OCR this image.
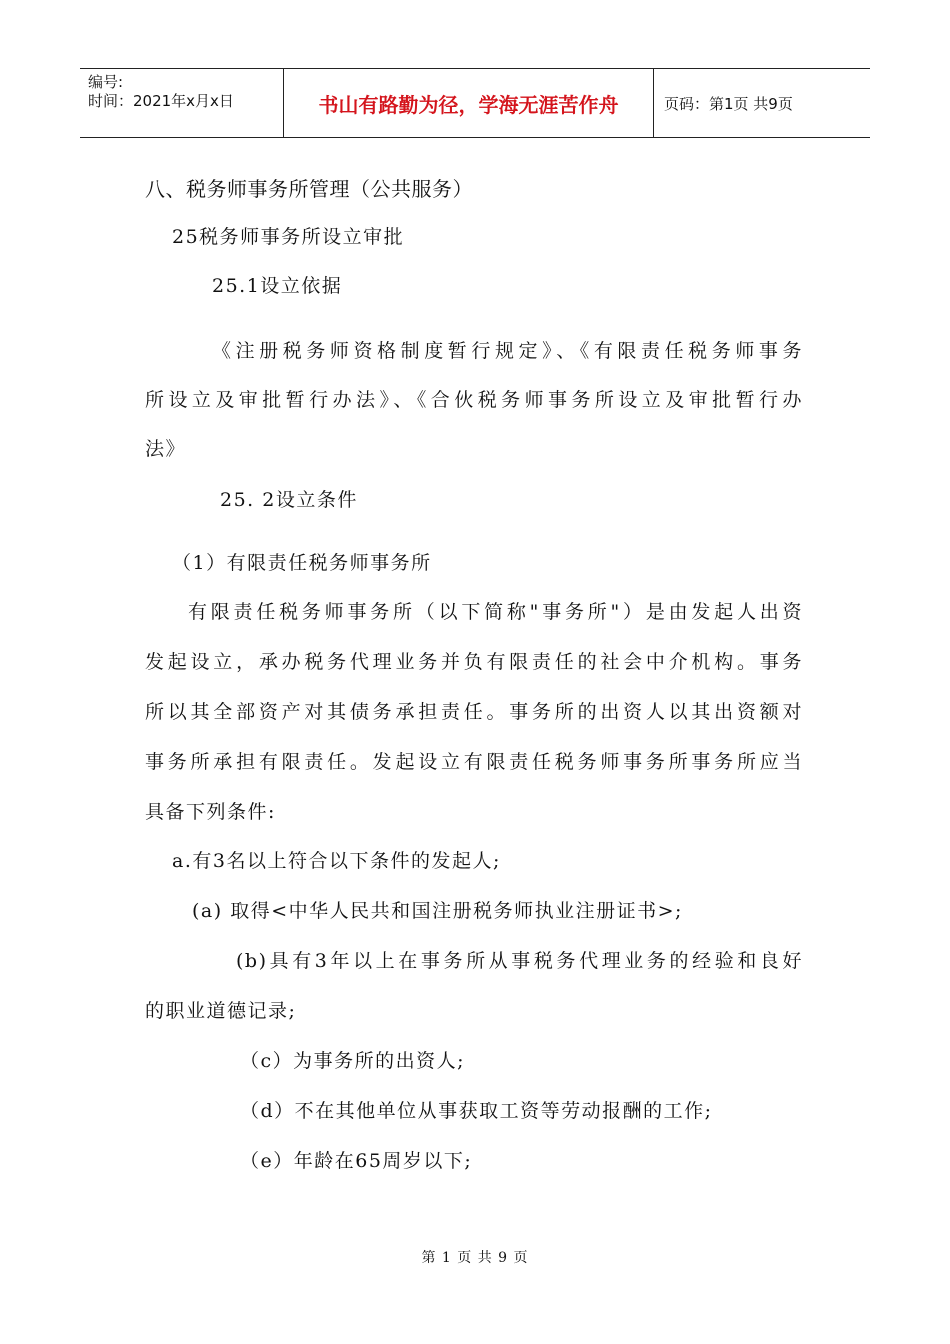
编号:
时间：2021年x月x日	书山有路勤为径，学海无涯苦作舟	页码：第1页 共9页
八、税务师事务所管理（公共服务）
25税务师事务所设立审批
25.1设立依据
《注册税务师资格制度暂行规定》、《有限责任税务师事务
所设立及审批暂行办法》、《合伙税务师事务所设立及审批暂行办
法》
25. 2设立条件
（1）有限责任税务师事务所
有限责任税务师事务所（以下简称"事务所"）是由发起人出资
发起设立，承办税务代理业务并负有限责任的社会中介机构。事务
所以其全部资产对其债务承担责任。事务所的出资人以其出资额对
事务所承担有限责任。发起设立有限责任税务师事务所事务所应当
具备下列条件:
a.有3名以上符合以下条件的发起人;
(a) 取得<中华人民共和国注册税务师执业注册证书>;
(b)具有3年以上在事务所从事税务代理业务的经验和良好
的职业道德记录;
（c）为事务所的出资人;
（d）不在其他单位从事获取工资等劳动报酬的工作;
（e）年龄在65周岁以下;
第 1 页 共 9 页
